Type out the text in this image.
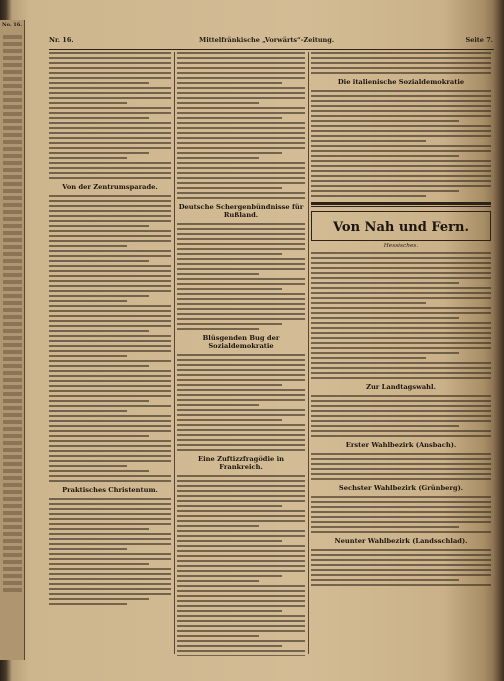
No. 16.
Nr. 16.	Mittelfränkische „Vorwärts“-Zeitung.	Seite 7.
Von der Zentrumsparade.
Praktisches Christentum.
Deutsche Schergenbündnisse für Rußland.
Blüsgenden Bug der Sozialdemokratie
Eine Zuftizzfragödie in Frankreich.
Die italienische Sozialdemokratie
Von Nah und Fern.
Hessisches.
Zur Landtagswahl.
Erster Wahlbezirk (Ansbach).
Sechster Wahlbezirk (Grünberg).
Neunter Wahlbezirk (Landsschlad).
